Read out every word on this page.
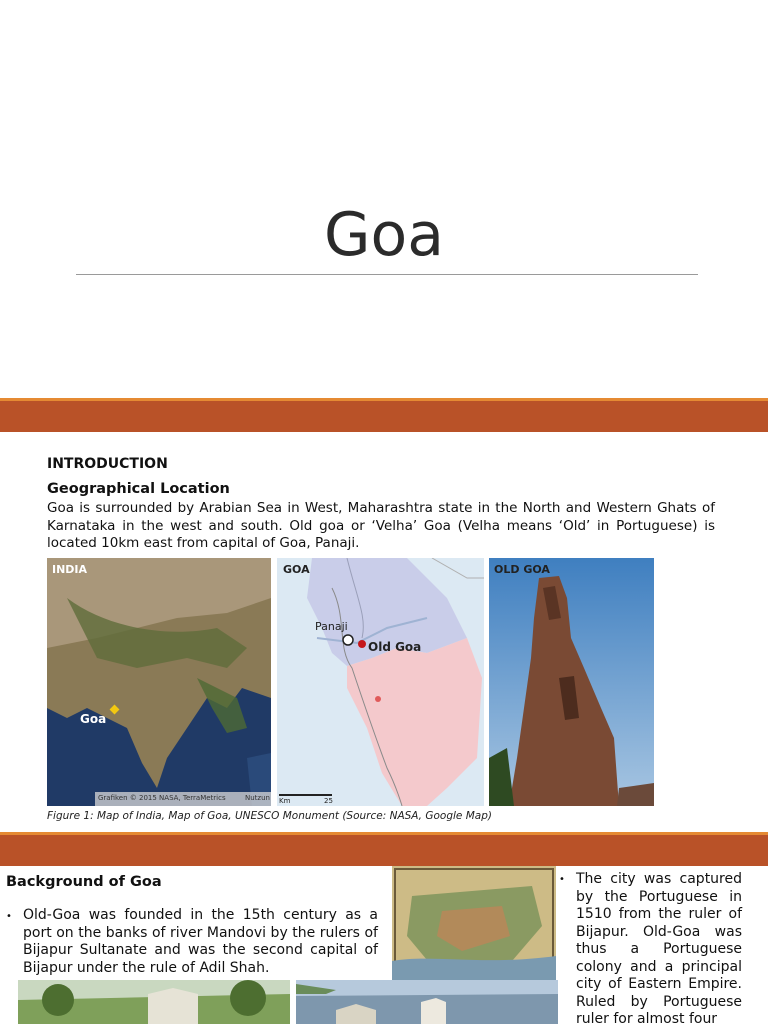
Goa
INTRODUCTION
Geographical Location
Goa is surrounded by Arabian Sea in West, Maharashtra state in the North and Western Ghats of Karnataka in the west and south. Old goa or ‘Velha’ Goa (Velha means ‘Old’ in Portuguese) is located 10km east from capital of Goa, Panaji.
INDIA
Goa
Grafiken © 2015 NASA, TerraMetrics	Nutzun
GOA
Panaji
Old Goa
Km	25
OLD GOA
Figure 1: Map of India, Map of Goa, UNESCO Monument (Source: NASA, Google Map)
Background of Goa
• Old-Goa was founded in the 15th century as a port on the banks of river Mandovi by the rulers of Bijapur Sultanate and was the second capital of Bijapur under the rule of Adil Shah.
• The city was captured by the Portuguese in 1510 from the ruler of Bijapur. Old-Goa was thus a Portuguese colony and a principal city of Eastern Empire. Ruled by Portuguese ruler for almost four
